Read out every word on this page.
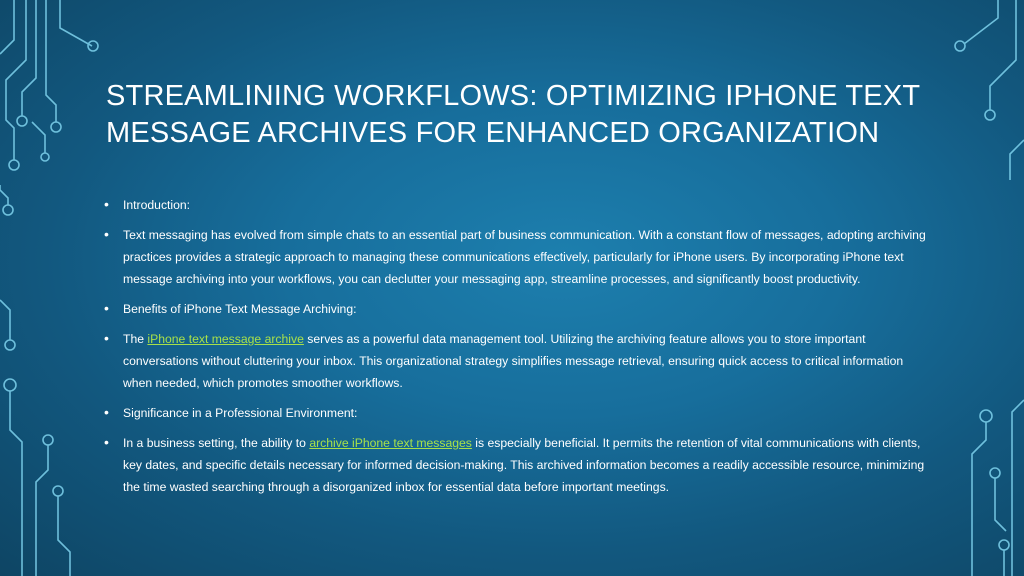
STREAMLINING WORKFLOWS: OPTIMIZING IPHONE TEXT MESSAGE ARCHIVES FOR ENHANCED ORGANIZATION
• Introduction:
• Text messaging has evolved from simple chats to an essential part of business communication. With a constant flow of messages, adopting archiving practices provides a strategic approach to managing these communications effectively, particularly for iPhone users. By incorporating iPhone text message archiving into your workflows, you can declutter your messaging app, streamline processes, and significantly boost productivity.
• Benefits of iPhone Text Message Archiving:
• The iPhone text message archive serves as a powerful data management tool. Utilizing the archiving feature allows you to store important conversations without cluttering your inbox. This organizational strategy simplifies message retrieval, ensuring quick access to critical information when needed, which promotes smoother workflows.
• Significance in a Professional Environment:
• In a business setting, the ability to archive iPhone text messages is especially beneficial. It permits the retention of vital communications with clients, key dates, and specific details necessary for informed decision-making. This archived information becomes a readily accessible resource, minimizing the time wasted searching through a disorganized inbox for essential data before important meetings.
